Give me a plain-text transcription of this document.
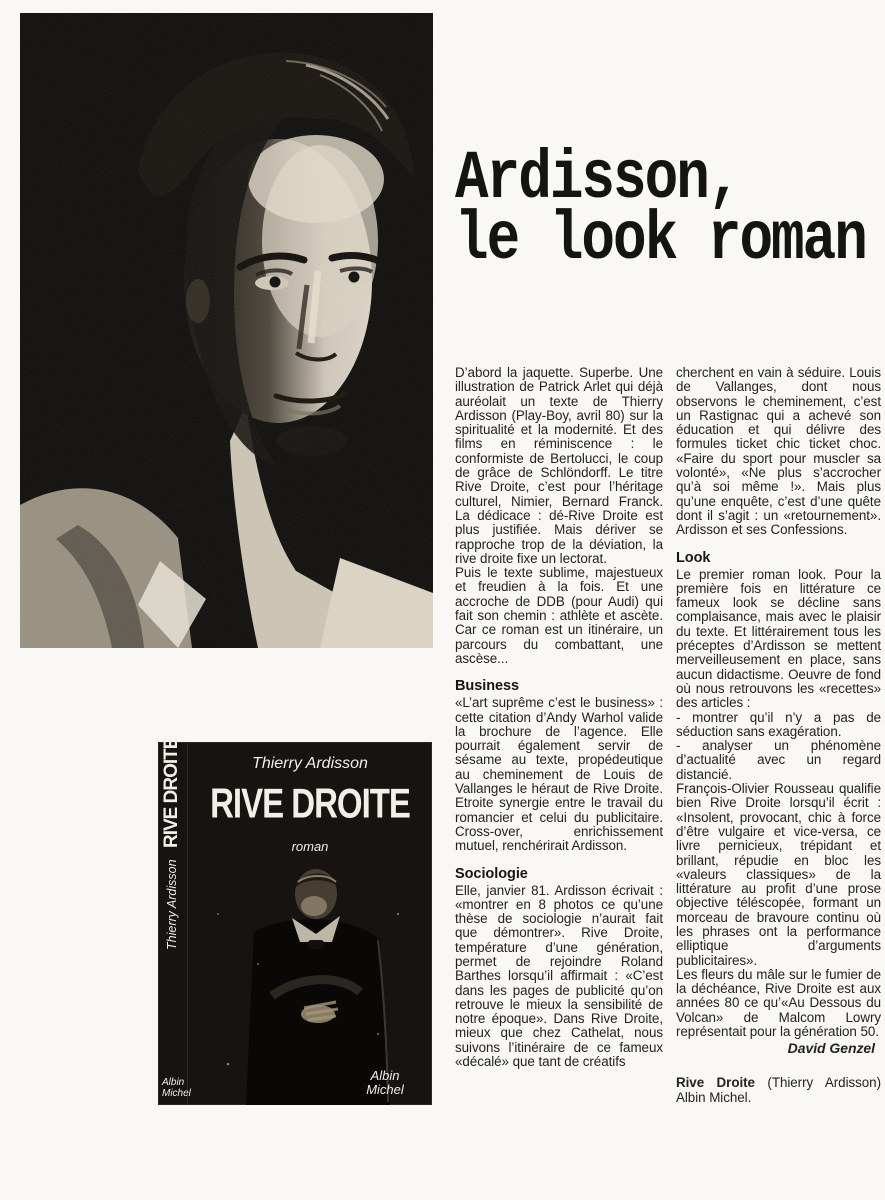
Ardisson,
le look roman

D’abord la jaquette. Superbe. Une illustration de Patrick Arlet qui déjà auréolait un texte de Thierry Ardisson (Play-Boy, avril 80) sur la spiritualité et la modernité. Et des films en réminiscence : le conformiste de Bertolucci, le coup de grâce de Schlöndorff. Le titre Rive Droite, c’est pour l’héritage culturel, Nimier, Bernard Franck. La dédicace : dé-Rive Droite est plus justifiée. Mais dériver se rapproche trop de la déviation, la rive droite fixe un lectorat.

Puis le texte sublime, majestueux et freudien à la fois. Et une accroche de DDB (pour Audi) qui fait son chemin : athlète et ascète. Car ce roman est un itinéraire, un parcours du combattant, une ascèse...

Business

«L’art suprême c’est le business» : cette citation d’Andy Warhol valide la brochure de l’agence. Elle pourrait également servir de sésame au texte, propédeutique au cheminement de Louis de Vallanges le héraut de Rive Droite. Etroite synergie entre le travail du romancier et celui du publicitaire. Cross-over, enrichissement mutuel, renchérirait Ardisson.

Sociologie

Elle, janvier 81. Ardisson écrivait : «montrer en 8 photos ce qu’une thèse de sociologie n’aurait fait que démontrer». Rive Droite, température d’une génération, permet de rejoindre Roland Barthes lorsqu’il affirmait : «C’est dans les pages de publicité qu’on retrouve le mieux la sensibilité de notre époque». Dans Rive Droite, mieux que chez Cathelat, nous suivons l’itinéraire de ce fameux «décalé» que tant de créatifs

cherchent en vain à séduire. Louis de Vallanges, dont nous observons le cheminement, c’est un Rastignac qui a achevé son éducation et qui délivre des formules ticket chic ticket choc. «Faire du sport pour muscler sa volonté», «Ne plus s’accrocher qu’à soi même !». Mais plus qu’une enquête, c’est d’une quête dont il s’agit : un «retournement». Ardisson et ses Confessions.

Look

Le premier roman look. Pour la première fois en littérature ce fameux look se décline sans complaisance, mais avec le plaisir du texte. Et littérairement tous les préceptes d’Ardisson se mettent merveilleusement en place, sans aucun didactisme. Oeuvre de fond où nous retrouvons les «recettes» des articles :

- montrer qu’il n’y a pas de séduction sans exagération.

- analyser un phénomène d’actualité avec un regard distancié.

François-Olivier Rousseau qualifie bien Rive Droite lorsqu’il écrit : «Insolent, provocant, chic à force d’être vulgaire et vice-versa, ce livre pernicieux, trépidant et brillant, répudie en bloc les «valeurs classiques» de la littérature au profit d’une prose objective téléscopée, formant un morceau de bravoure continu où les phrases ont la performance elliptique d’arguments publicitaires».

Les fleurs du mâle sur le fumier de la déchéance, Rive Droite est aux années 80 ce qu’«Au Dessous du Volcan» de Malcom Lowry représentait pour la génération 50.

David Genzel

Rive Droite (Thierry Ardisson) Albin Michel.

RIVE DROITE
Thierry Ardisson
Albin Michel
Thierry Ardisson
RIVE DROITE
roman
Albin Michel
